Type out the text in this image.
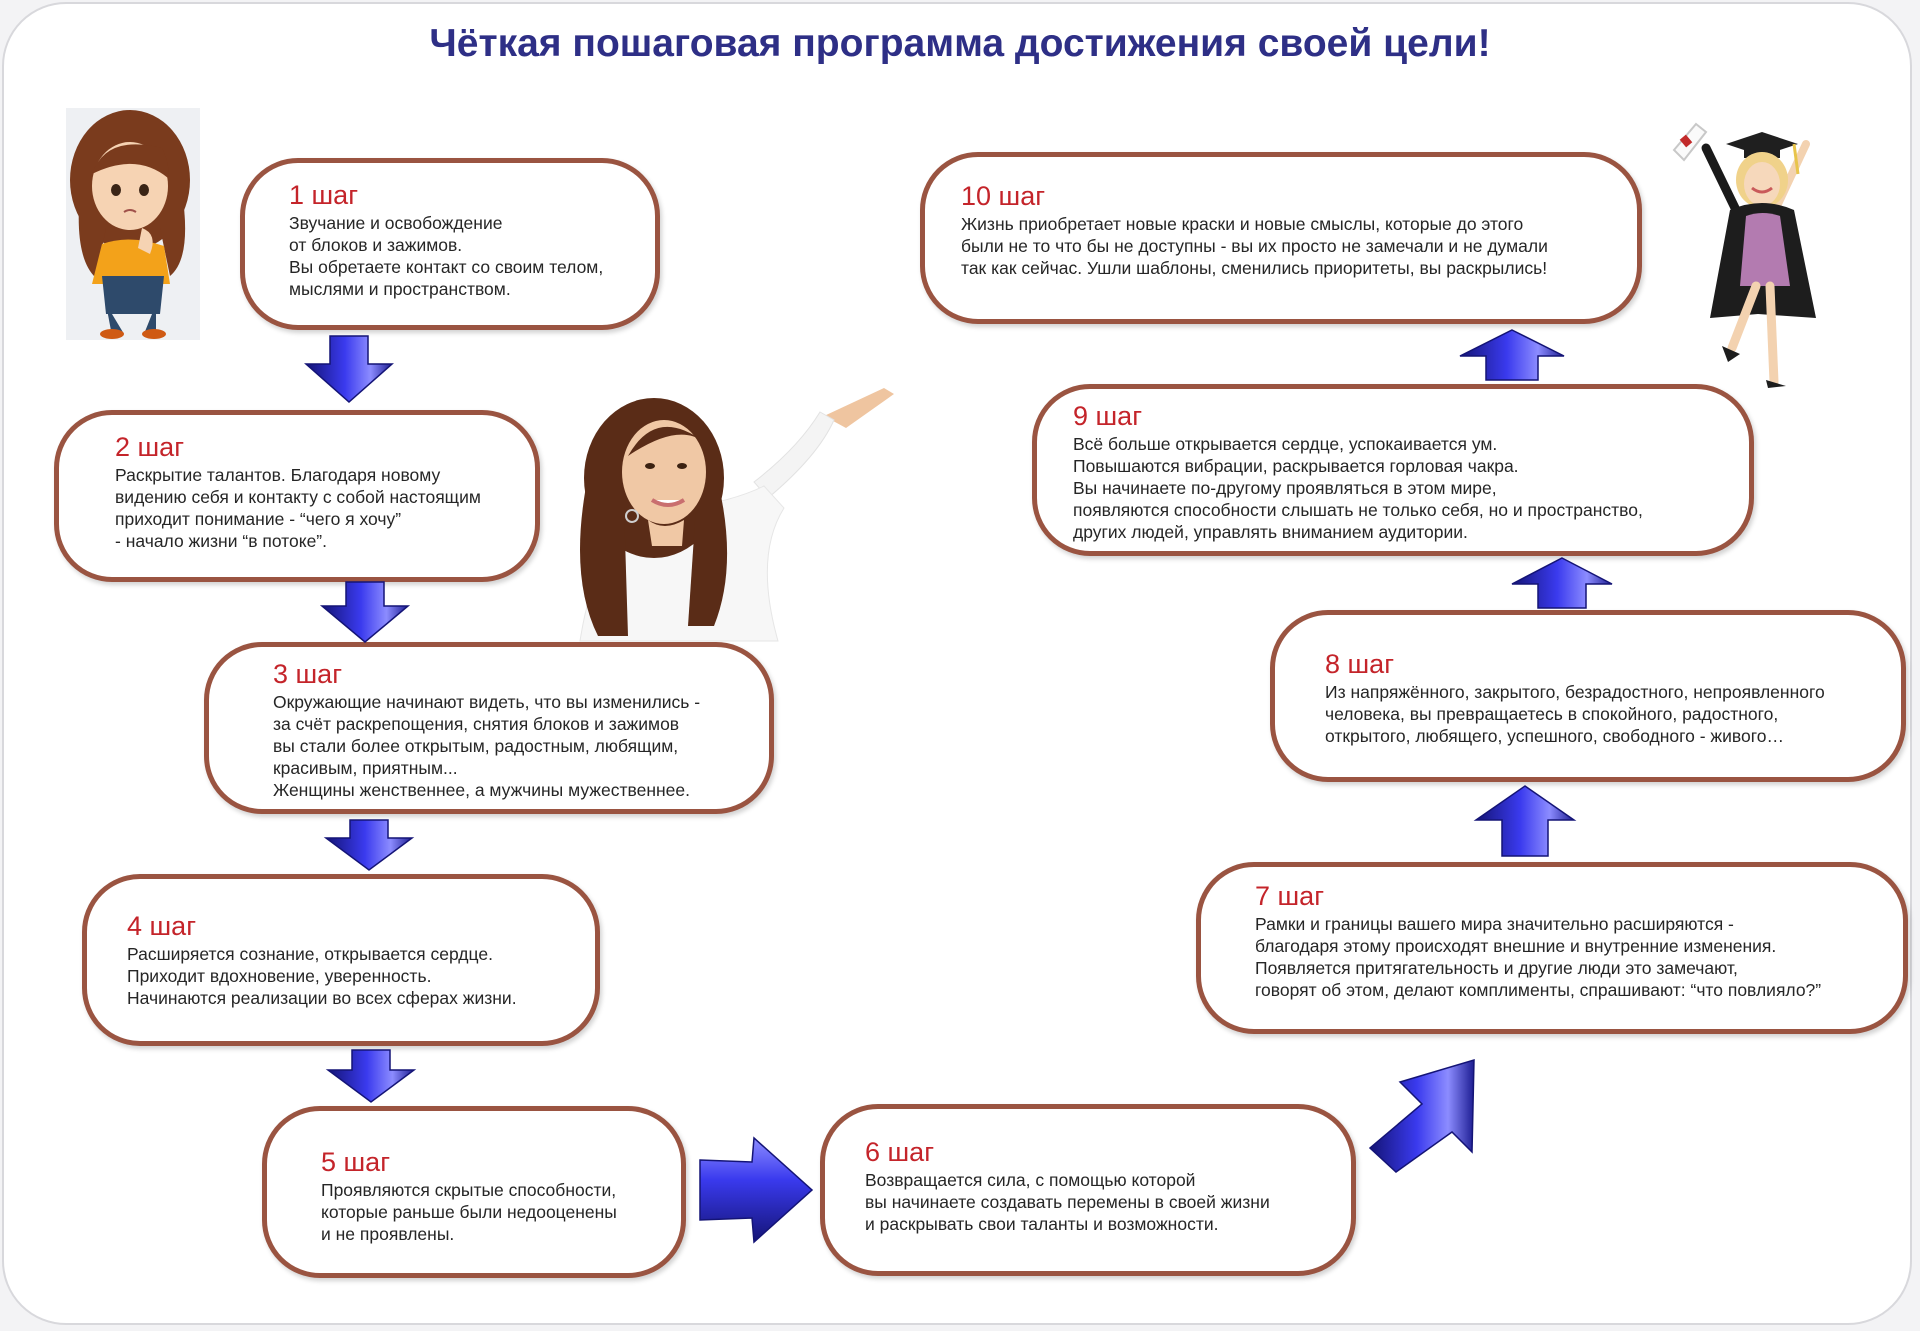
Чёткая пошаговая программа достижения своей цели!
1 шаг
Звучание и освобождение
от блоков и зажимов.
Вы обретаете контакт со своим телом,
мыслями и пространством.
2 шаг
Раскрытие талантов. Благодаря новому
видению себя и контакту с собой настоящим
приходит понимание - “чего я хочу”
- начало жизни “в потоке”.
3 шаг
Окружающие начинают видеть, что вы изменились -
за счёт раскрепощения, снятия блоков и зажимов
вы стали более открытым, радостным, любящим,
красивым, приятным...
Женщины женственнее, а мужчины мужественнее.
4 шаг
Расширяется сознание, открывается сердце.
Приходит вдохновение, уверенность.
Начинаются реализации во всех сферах жизни.
5 шаг
Проявляются скрытые способности,
которые раньше были недооценены
и не проявлены.
6 шаг
Возвращается сила, с помощью которой
вы начинаете создавать перемены в своей жизни
и раскрывать свои таланты и возможности.
7 шаг
Рамки и границы вашего мира значительно расширяются -
благодаря этому происходят внешние и внутренние изменения.
Появляется притягательность и другие люди это замечают,
говорят об этом, делают комплименты, спрашивают: “что повлияло?”
8 шаг
Из напряжённого, закрытого, безрадостного, непроявленного
человека, вы превращаетесь в спокойного, радостного,
открытого, любящего, успешного, свободного - живого…
9 шаг
Всё больше открывается сердце, успокаивается ум.
Повышаются вибрации, раскрывается горловая чакра.
Вы начинаете по-другому проявляться в этом мире,
появляются способности слышать не только себя, но и пространство,
других людей, управлять вниманием аудитории.
10 шаг
Жизнь приобретает новые краски и новые смыслы, которые до этого
были не то что бы не доступны - вы их просто не замечали и не думали
так как сейчас. Ушли шаблоны, сменились приоритеты, вы раскрылись!
